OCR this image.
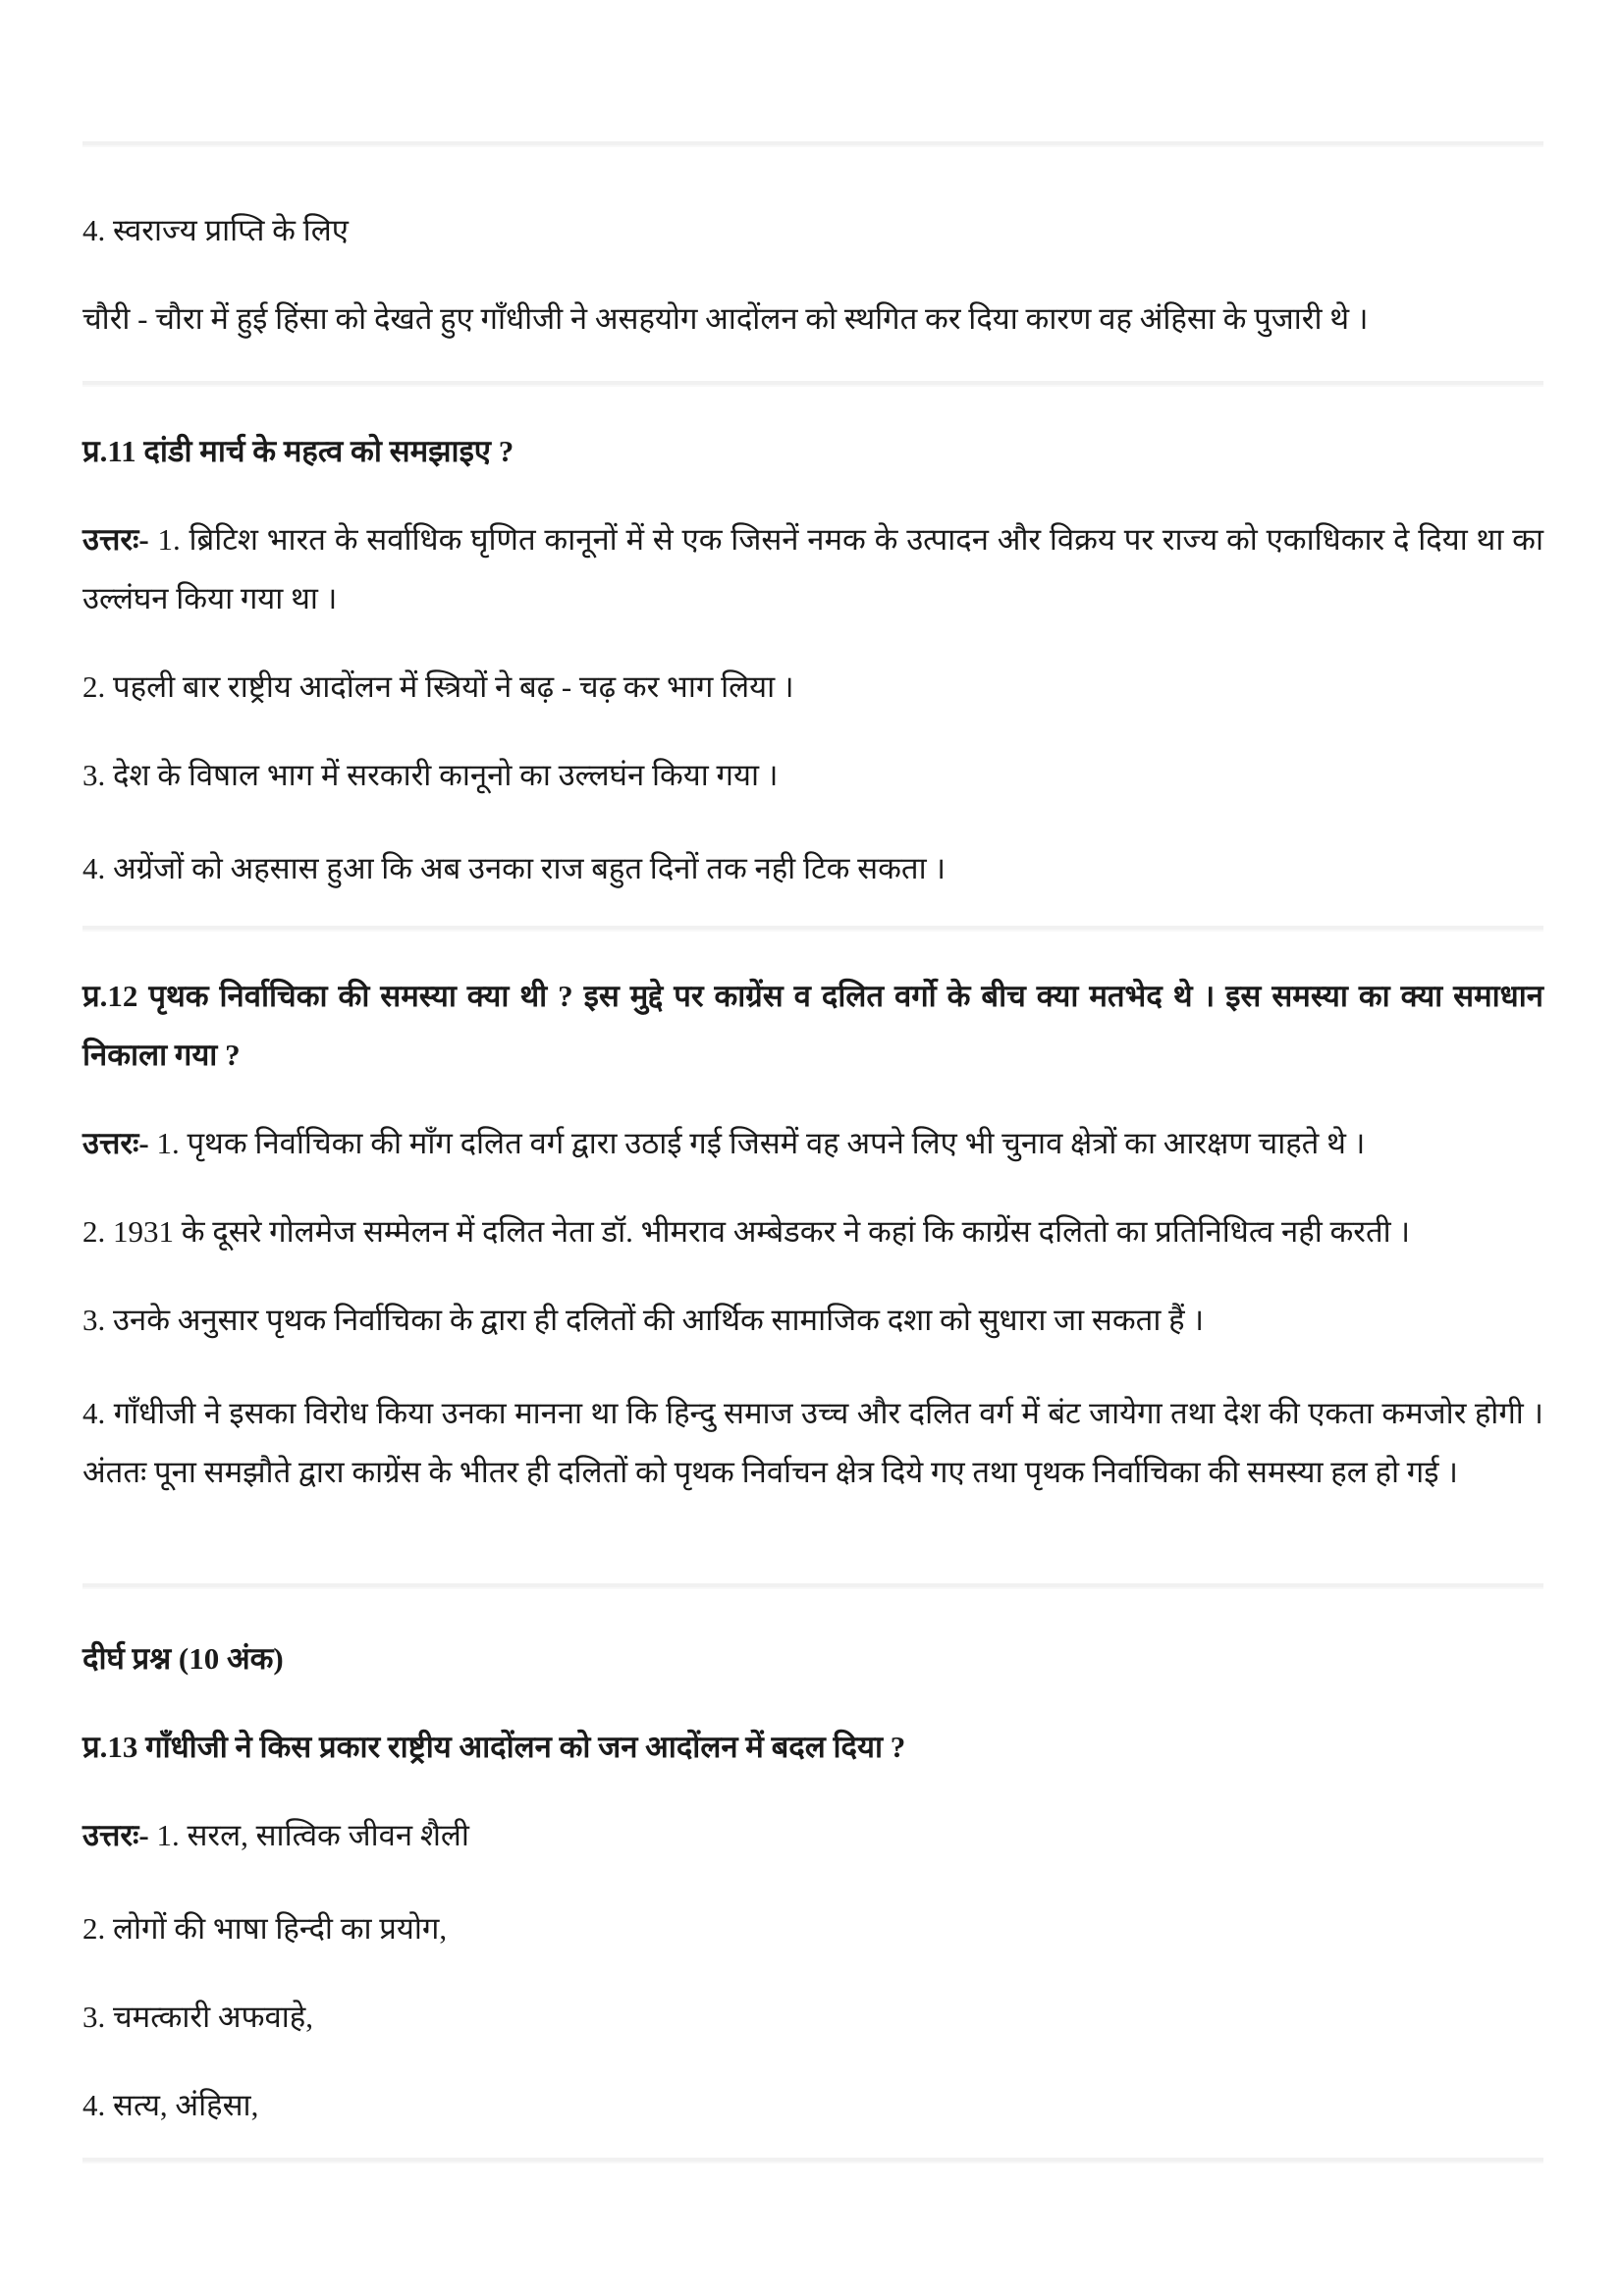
4. स्वराज्य प्राप्ति के लिए
चौरी - चौरा में हुई हिंसा को देखते हुए गाँधीजी ने असहयोग आदोंलन को स्थगित कर दिया कारण वह अंहिसा के पुजारी थे ।
प्र.11 दांडी मार्च के महत्व को समझाइए ?
उत्तरः- 1. ब्रिटिश भारत के सर्वाधिक घृणित कानूनों में से एक जिसनें नमक के उत्पादन और विक्रय पर राज्य को एकाधिकार दे दिया था का उल्लंघन किया गया था ।
2. पहली बार राष्ट्रीय आदोंलन में स्त्रियों ने बढ़ - चढ़ कर भाग लिया ।
3. देश के विषाल भाग में सरकारी कानूनो का उल्लघंन किया गया ।
4. अग्रेंजों को अहसास हुआ कि अब उनका राज बहुत दिनों तक नही टिक सकता ।
प्र.12 पृथक निर्वाचिका की समस्या क्या थी ? इस मुद्दे पर काग्रेंस व दलित वर्गो के बीच क्या मतभेद थे । इस समस्या का क्या समाधान निकाला गया ?
उत्तरः- 1. पृथक निर्वाचिका की माँग दलित वर्ग द्वारा उठाई गई जिसमें वह अपने लिए भी चुनाव क्षेत्रों का आरक्षण चाहते थे ।
2. 1931 के दूसरे गोलमेज सम्मेलन में दलित नेता डॉ. भीमराव अम्बेडकर ने कहां कि काग्रेंस दलितो का प्रतिनिधित्व नही करती ।
3. उनके अनुसार पृथक निर्वाचिका के द्वारा ही दलितों की आर्थिक सामाजिक दशा को सुधारा जा सकता हैं ।
4. गाँधीजी ने इसका विरोध किया उनका मानना था कि हिन्दु समाज उच्च और दलित वर्ग में बंट जायेगा तथा देश की एकता कमजोर होगी । अंततः पूना समझौते द्वारा काग्रेंस के भीतर ही दलितों को पृथक निर्वाचन क्षेत्र दिये गए तथा पृथक निर्वाचिका की समस्या हल हो गई ।
दीर्घ प्रश्न (10 अंक)
प्र.13 गाँधीजी ने किस प्रकार राष्ट्रीय आदोंलन को जन आदोंलन में बदल दिया ?
उत्तरः- 1. सरल, सात्विक जीवन शैली
2. लोगों की भाषा हिन्दी का प्रयोग,
3. चमत्कारी अफवाहे,
4. सत्य, अंहिसा,
